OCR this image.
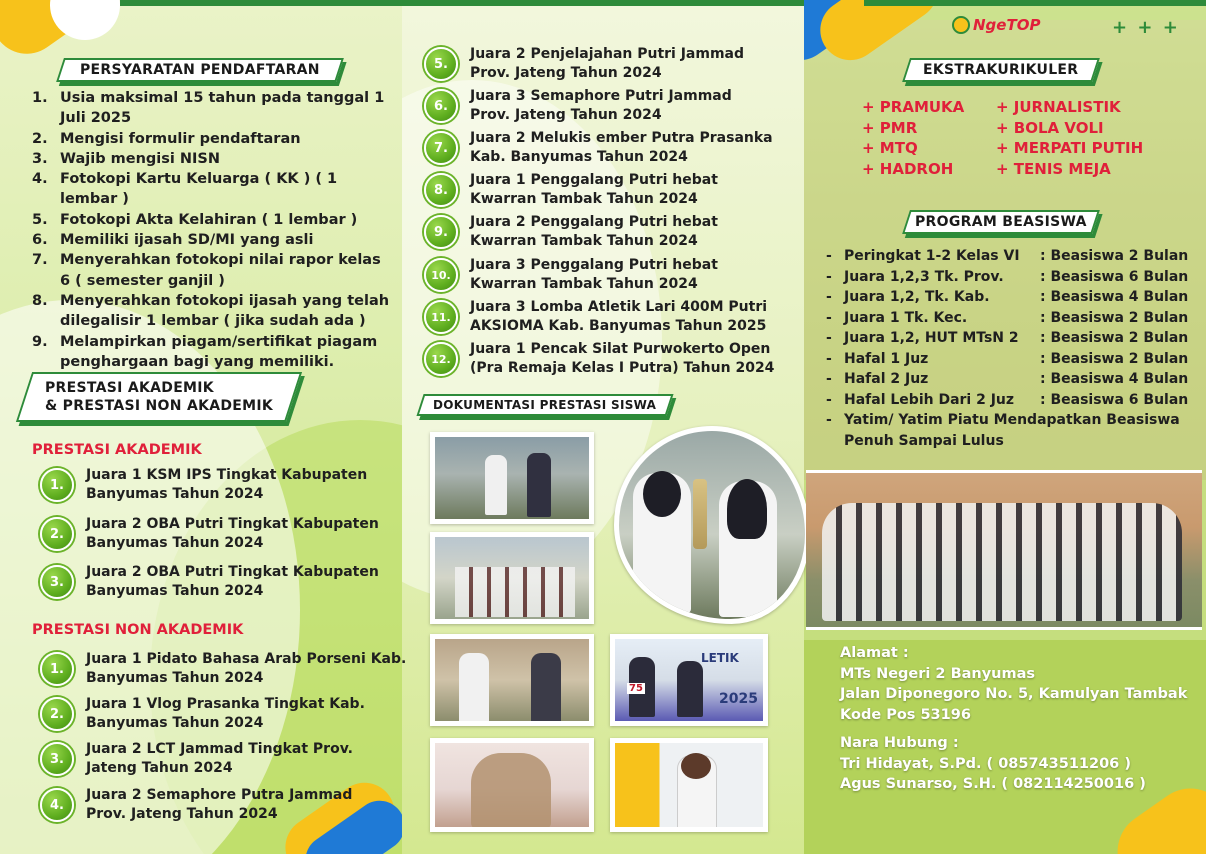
NgeTOP	+ + +
PERSYARATAN PENDAFTARAN
1. Usia maksimal 15 tahun pada tanggal 1 Juli 2025
2. Mengisi formulir pendaftaran
3. Wajib mengisi NISN
4. Fotokopi Kartu Keluarga ( KK ) ( 1 lembar )
5. Fotokopi Akta Kelahiran ( 1 lembar )
6. Memiliki ijasah SD/MI yang asli
7. Menyerahkan fotokopi nilai rapor kelas 6 ( semester ganjil )
8. Menyerahkan fotokopi ijasah yang telah dilegalisir 1 lembar ( jika sudah ada )
9. Melampirkan piagam/sertifikat piagam penghargaan bagi yang memiliki.
PRESTASI AKADEMIK
& PRESTASI NON AKADEMIK
PRESTASI AKADEMIK
1.
Juara 1 KSM IPS Tingkat Kabupaten
Banyumas Tahun 2024
2.
Juara 2 OBA Putri Tingkat Kabupaten
Banyumas Tahun 2024
3.
Juara 2 OBA Putri Tingkat Kabupaten
Banyumas Tahun 2024
PRESTASI NON AKADEMIK
1.
Juara 1 Pidato Bahasa Arab Porseni Kab.
Banyumas Tahun 2024
2.
Juara 1 Vlog Prasanka Tingkat Kab.
Banyumas Tahun 2024
3.
Juara 2 LCT Jammad Tingkat Prov.
Jateng Tahun 2024
4.
Juara 2 Semaphore Putra Jammad
Prov. Jateng Tahun 2024
5.
Juara 2 Penjelajahan Putri Jammad
Prov. Jateng Tahun 2024
6.
Juara 3 Semaphore Putri Jammad
Prov. Jateng Tahun 2024
7.
Juara 2 Melukis ember Putra Prasanka
Kab. Banyumas Tahun 2024
8.
Juara 1 Penggalang Putri hebat
Kwarran Tambak Tahun 2024
9.
Juara 2 Penggalang Putri hebat
Kwarran Tambak Tahun 2024
10.
Juara 3 Penggalang Putri hebat
Kwarran Tambak Tahun 2024
11.
Juara 3 Lomba Atletik Lari 400M Putri
AKSIOMA Kab. Banyumas Tahun 2025
12.
Juara 1 Pencak Silat Purwokerto Open
(Pra Remaja Kelas I Putra) Tahun 2024
DOKUMENTASI PRESTASI SISWA
LETIK
2025
75
EKSTRAKURIKULER
+ PRAMUKA
+ PMR
+ MTQ
+ HADROH
+ JURNALISTIK
+ BOLA VOLI
+ MERPATI PUTIH
+ TENIS MEJA
PROGRAM BEASISWA
- Peringkat 1-2 Kelas VI	: Beasiswa 2 Bulan
- Juara 1,2,3 Tk. Prov.	: Beasiswa 6 Bulan
- Juara 1,2, Tk. Kab.	: Beasiswa 4 Bulan
- Juara 1 Tk. Kec.	: Beasiswa 2 Bulan
- Juara 1,2, HUT MTsN 2	: Beasiswa 2 Bulan
- Hafal 1 Juz	: Beasiswa 2 Bulan
- Hafal 2 Juz	: Beasiswa 4 Bulan
- Hafal Lebih Dari 2 Juz	: Beasiswa 6 Bulan
- Yatim/ Yatim Piatu Mendapatkan Beasiswa
Penuh Sampai Lulus
Alamat :
MTs Negeri 2 Banyumas
Jalan Diponegoro No. 5, Kamulyan Tambak
Kode Pos 53196
Nara Hubung :
Tri Hidayat, S.Pd. ( 085743511206 )
Agus Sunarso, S.H. ( 082114250016 )
